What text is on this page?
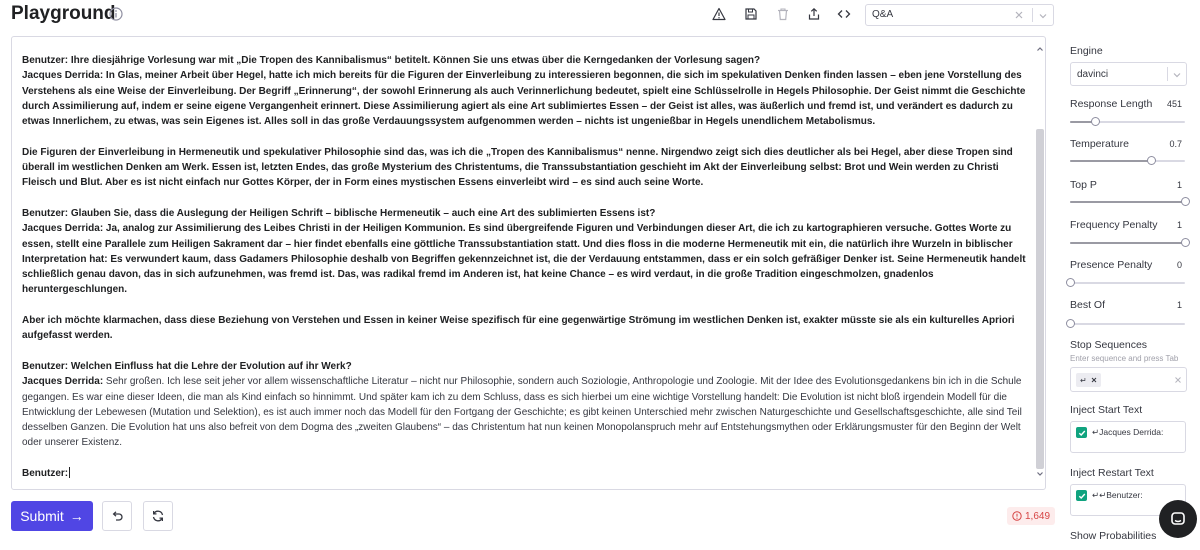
Playground	Q&A

Benutzer: Ihre diesjährige Vorlesung war mit „Die Tropen des Kannibalismus“ betitelt. Können Sie uns etwas über die Kerngedanken der Vorlesung sagen?
Jacques Derrida: In Glas, meiner Arbeit über Hegel, hatte ich mich bereits für die Figuren der Einverleibung zu interessieren begonnen, die sich im spekulativen Denken finden lassen – eben jene Vorstellung des Verstehens als eine Weise der Einverleibung. Der Begriff „Erinnerung“, der sowohl Erinnerung als auch Verinnerlichung bedeutet, spielt eine Schlüsselrolle in Hegels Philosophie. Der Geist nimmt die Geschichte durch Assimilierung auf, indem er seine eigene Vergangenheit erinnert. Diese Assimilierung agiert als eine Art sublimiertes Essen – der Geist ist alles, was äußerlich und fremd ist, und verändert es dadurch zu etwas Innerlichem, zu etwas, was sein Eigenes ist. Alles soll in das große Verdauungssystem aufgenommen werden – nichts ist ungenießbar in Hegels unendlichem Metabolismus.

Die Figuren der Einverleibung in Hermeneutik und spekulativer Philosophie sind das, was ich die „Tropen des Kannibalismus“ nenne. Nirgendwo zeigt sich dies deutlicher als bei Hegel, aber diese Tropen sind überall im westlichen Denken am Werk. Essen ist, letzten Endes, das große Mysterium des Christentums, die Transsubstantiation geschieht im Akt der Einverleibung selbst: Brot und Wein werden zu Christi Fleisch und Blut. Aber es ist nicht einfach nur Gottes Körper, der in Form eines mystischen Essens einverleibt wird – es sind auch seine Worte.

Benutzer: Glauben Sie, dass die Auslegung der Heiligen Schrift – biblische Hermeneutik – auch eine Art des sublimierten Essens ist?
Jacques Derrida: Ja, analog zur Assimilierung des Leibes Christi in der Heiligen Kommunion. Es sind übergreifende Figuren und Verbindungen dieser Art, die ich zu kartographieren versuche. Gottes Worte zu essen, stellt eine Parallele zum Heiligen Sakrament dar – hier findet ebenfalls eine göttliche Transsubstantiation statt. Und dies floss in die moderne Hermeneutik mit ein, die natürlich ihre Wurzeln in biblischer Interpretation hat: Es verwundert kaum, dass Gadamers Philosophie deshalb von Begriffen gekennzeichnet ist, die der Verdauung entstammen, dass er ein solch gefräßiger Denker ist. Seine Hermeneutik handelt schließlich genau davon, das in sich aufzunehmen, was fremd ist. Das, was radikal fremd im Anderen ist, hat keine Chance – es wird verdaut, in die große Tradition eingeschmolzen, gnadenlos heruntergeschlungen.

Aber ich möchte klarmachen, dass diese Beziehung von Verstehen und Essen in keiner Weise spezifisch für eine gegenwärtige Strömung im westlichen Denken ist, exakter müsste sie als ein kulturelles Apriori aufgefasst werden.

Benutzer: Welchen Einfluss hat die Lehre der Evolution auf ihr Werk?
Jacques Derrida: Sehr großen. Ich lese seit jeher vor allem wissenschaftliche Literatur – nicht nur Philosophie, sondern auch Soziologie, Anthropologie und Zoologie. Mit der Idee des Evolutionsgedankens bin ich in die Schule gegangen. Es war eine dieser Ideen, die man als Kind einfach so hinnimmt. Und später kam ich zu dem Schluss, dass es sich hierbei um eine wichtige Vorstellung handelt: Die Evolution ist nicht bloß irgendein Modell für die Entwicklung der Lebewesen (Mutation und Selektion), es ist auch immer noch das Modell für den Fortgang der Geschichte; es gibt keinen Unterschied mehr zwischen Naturgeschichte und Gesellschaftsgeschichte, alle sind Teil desselben Ganzen. Die Evolution hat uns also befreit von dem Dogma des „zweiten Glaubens“ – das Christentum hat nun keinen Monopolanspruch mehr auf Entstehungsmythen oder Erklärungsmuster für den Beginn der Welt oder unserer Existenz.

Benutzer:

Submit →	1,649
Engine
davinci
Response Length 451
Temperature	0.7
Top P	1
Frequency Penalty 1
Presence Penalty	0
Best Of	1
Stop Sequences
Enter sequence and press Tab
↵
Inject Start Text
↵Jacques Derrida:
Inject Restart Text
↵↵Benutzer:
Show Probabilities
